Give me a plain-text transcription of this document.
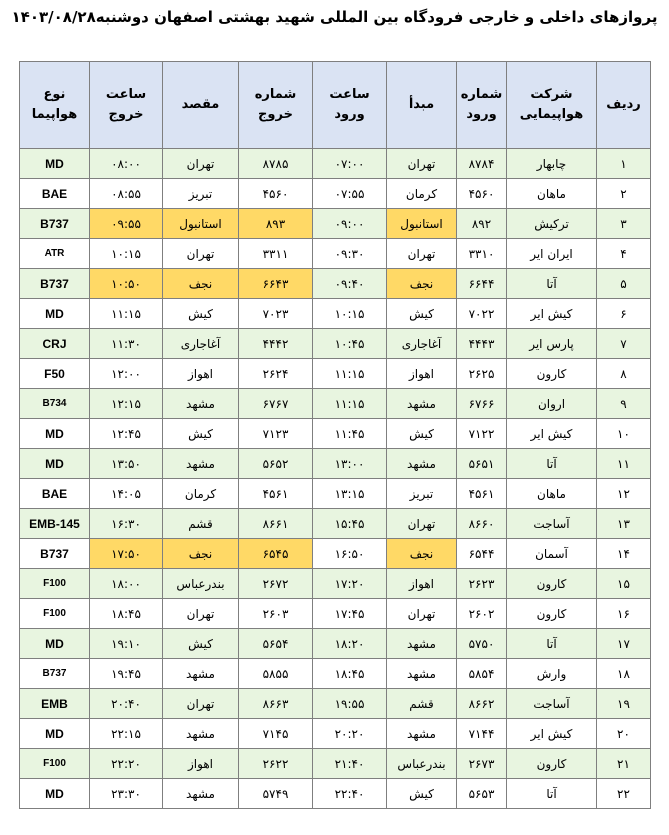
پروازهای داخلی و خارجی فرودگاه بین المللی شهید بهشتی اصفهان دوشنبه۱۴۰۳/۰۸/۲۸
ردیف	شرکت هواپیمایی	شماره ورود	مبدأ	ساعت ورود	شماره خروج	مقصد	ساعت خروج	نوع هواپیما
۱	چابهار	۸۷۸۴	تهران	۰۷:۰۰	۸۷۸۵	تهران	۰۸:۰۰	MD
۲	ماهان	۴۵۶۰	کرمان	۰۷:۵۵	۴۵۶۰	تبریز	۰۸:۵۵	BAE
۳	ترکیش	۸۹۲	استانبول	۰۹:۰۰	۸۹۳	استانبول	۰۹:۵۵	B737
۴	ایران ایر	۳۳۱۰	تهران	۰۹:۳۰	۳۳۱۱	تهران	۱۰:۱۵	ATR
۵	آتا	۶۶۴۴	نجف	۰۹:۴۰	۶۶۴۳	نجف	۱۰:۵۰	B737
۶	کیش ایر	۷۰۲۲	کیش	۱۰:۱۵	۷۰۲۳	کیش	۱۱:۱۵	MD
۷	پارس ایر	۴۴۴۳	آغاجاری	۱۰:۴۵	۴۴۴۲	آغاجاری	۱۱:۳۰	CRJ
۸	کارون	۲۶۲۵	اهواز	۱۱:۱۵	۲۶۲۴	اهواز	۱۲:۰۰	F50
۹	اروان	۶۷۶۶	مشهد	۱۱:۱۵	۶۷۶۷	مشهد	۱۲:۱۵	B734
۱۰	کیش ایر	۷۱۲۲	کیش	۱۱:۴۵	۷۱۲۳	کیش	۱۲:۴۵	MD
۱۱	آتا	۵۶۵۱	مشهد	۱۳:۰۰	۵۶۵۲	مشهد	۱۳:۵۰	MD
۱۲	ماهان	۴۵۶۱	تبریز	۱۳:۱۵	۴۵۶۱	کرمان	۱۴:۰۵	BAE
۱۳	آساجت	۸۶۶۰	تهران	۱۵:۴۵	۸۶۶۱	قشم	۱۶:۳۰	EMB-145
۱۴	آسمان	۶۵۴۴	نجف	۱۶:۵۰	۶۵۴۵	نجف	۱۷:۵۰	B737
۱۵	کارون	۲۶۲۳	اهواز	۱۷:۲۰	۲۶۷۲	بندرعباس	۱۸:۰۰	F100
۱۶	کارون	۲۶۰۲	تهران	۱۷:۴۵	۲۶۰۳	تهران	۱۸:۴۵	F100
۱۷	آتا	۵۷۵۰	مشهد	۱۸:۲۰	۵۶۵۴	کیش	۱۹:۱۰	MD
۱۸	وارش	۵۸۵۴	مشهد	۱۸:۴۵	۵۸۵۵	مشهد	۱۹:۴۵	B737
۱۹	آساجت	۸۶۶۲	قشم	۱۹:۵۵	۸۶۶۳	تهران	۲۰:۴۰	EMB
۲۰	کیش ایر	۷۱۴۴	مشهد	۲۰:۲۰	۷۱۴۵	مشهد	۲۲:۱۵	MD
۲۱	کارون	۲۶۷۳	بندرعباس	۲۱:۴۰	۲۶۲۲	اهواز	۲۲:۲۰	F100
۲۲	آتا	۵۶۵۳	کیش	۲۲:۴۰	۵۷۴۹	مشهد	۲۳:۳۰	MD
